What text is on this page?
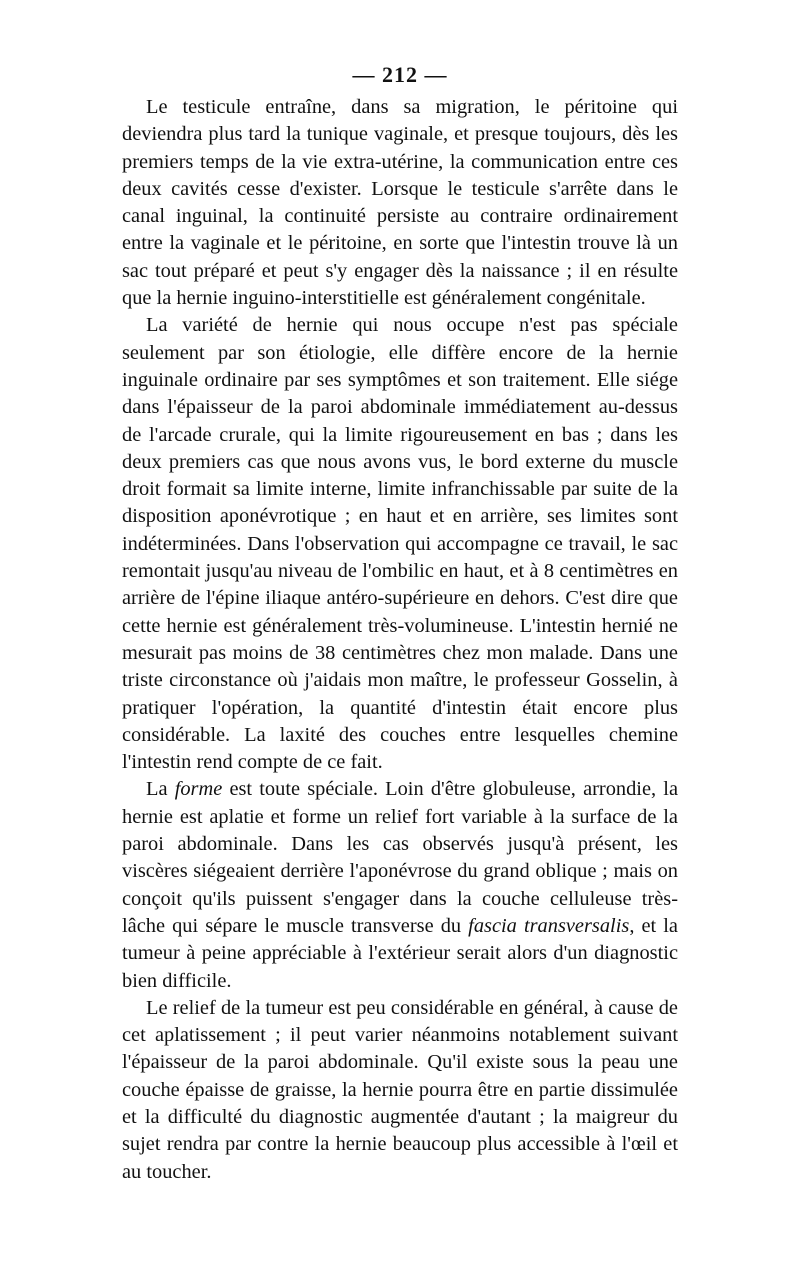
— 212 —

Le testicule entraîne, dans sa migration, le péritoine qui deviendra plus tard la tunique vaginale, et presque toujours, dès les premiers temps de la vie extra-utérine, la communication entre ces deux cavités cesse d'exister. Lorsque le testicule s'arrête dans le canal inguinal, la continuité persiste au contraire ordinairement entre la vaginale et le péritoine, en sorte que l'intestin trouve là un sac tout préparé et peut s'y engager dès la naissance ; il en résulte que la hernie inguino-interstitielle est généralement congénitale.

La variété de hernie qui nous occupe n'est pas spéciale seulement par son étiologie, elle diffère encore de la hernie inguinale ordinaire par ses symptômes et son traitement. Elle siége dans l'épaisseur de la paroi abdominale immédiatement au-dessus de l'arcade crurale, qui la limite rigoureusement en bas ; dans les deux premiers cas que nous avons vus, le bord externe du muscle droit formait sa limite interne, limite infranchissable par suite de la disposition aponévrotique ; en haut et en arrière, ses limites sont indéterminées. Dans l'observation qui accompagne ce travail, le sac remontait jusqu'au niveau de l'ombilic en haut, et à 8 centimètres en arrière de l'épine iliaque antéro-supérieure en dehors. C'est dire que cette hernie est généralement très-volumineuse. L'intestin hernié ne mesurait pas moins de 38 centimètres chez mon malade. Dans une triste circonstance où j'aidais mon maître, le professeur Gosselin, à pratiquer l'opération, la quantité d'intestin était encore plus considérable. La laxité des couches entre lesquelles chemine l'intestin rend compte de ce fait.

La forme est toute spéciale. Loin d'être globuleuse, arrondie, la hernie est aplatie et forme un relief fort variable à la surface de la paroi abdominale. Dans les cas observés jusqu'à présent, les viscères siégeaient derrière l'aponévrose du grand oblique ; mais on conçoit qu'ils puissent s'engager dans la couche celluleuse très-lâche qui sépare le muscle transverse du fascia transversalis, et la tumeur à peine appréciable à l'extérieur serait alors d'un diagnostic bien difficile.

Le relief de la tumeur est peu considérable en général, à cause de cet aplatissement ; il peut varier néanmoins notablement suivant l'épaisseur de la paroi abdominale. Qu'il existe sous la peau une couche épaisse de graisse, la hernie pourra être en partie dissimulée et la difficulté du diagnostic augmentée d'autant ; la maigreur du sujet rendra par contre la hernie beaucoup plus accessible à l'œil et au toucher.
